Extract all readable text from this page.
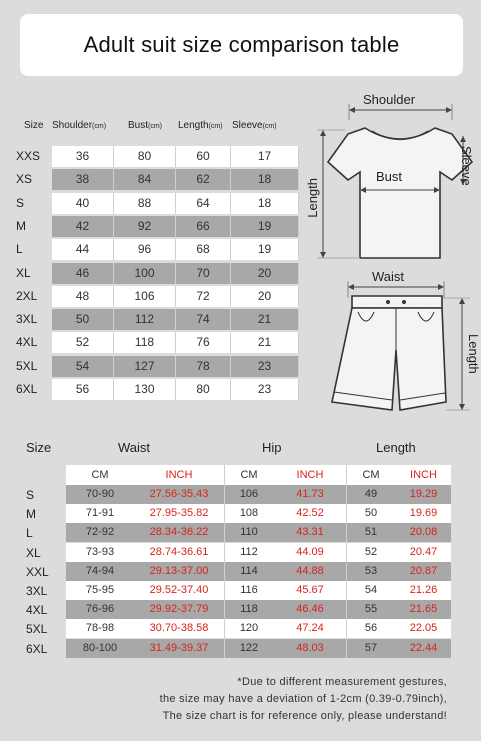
Adult suit size comparison table
Size Shoulder(cm) Bust(cm) Length(cm) Sleeve(cm)
XXS	36	80	60	17
XS	38	84	62	18
S	40	88	64	18
M	42	92	66	19
L	44	96	68	19
XL	46	100	70	20
2XL	48	106	72	20
3XL	50	112	74	21
4XL	52	118	76	21
5XL	54	127	78	23
6XL	56	130	80	23
Shoulder
Sleeve
Bust
Length
Waist
Length
Size	Waist	Hip	Length
CM	INCH	CM	INCH	CM	INCH
S	70-90	27.56-35.43	106	41.73	49	19.29
M	71-91	27.95-35.82	108	42.52	50	19.69
L	72-92	28.34-36.22	110	43.31	51	20.08
XL	73-93	28.74-36.61	112	44.09	52	20.47
XXL	74-94	29.13-37.00	114	44.88	53	20.87
3XL	75-95	29.52-37.40	116	45.67	54	21.26
4XL	76-96	29.92-37.79	118	46.46	55	21.65
5XL	78-98	30.70-38.58	120	47.24	56	22.05
6XL	80-100	31.49-39.37	122	48.03	57	22.44
*Due to different measurement gestures,
the size may have a deviation of 1-2cm (0.39-0.79inch),
The size chart is for reference only, please understand!
